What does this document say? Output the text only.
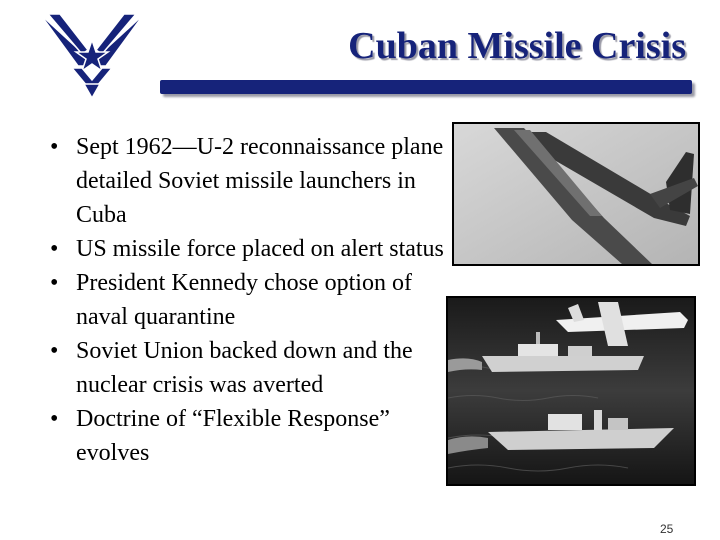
Cuban Missile Crisis
• Sept 1962—U-2 reconnaissance plane detailed Soviet missile launchers in Cuba
• US missile force placed on alert status
• President Kennedy chose option of naval quarantine
• Soviet Union backed down and the nuclear crisis was averted
• Doctrine of “Flexible Response” evolves
25
